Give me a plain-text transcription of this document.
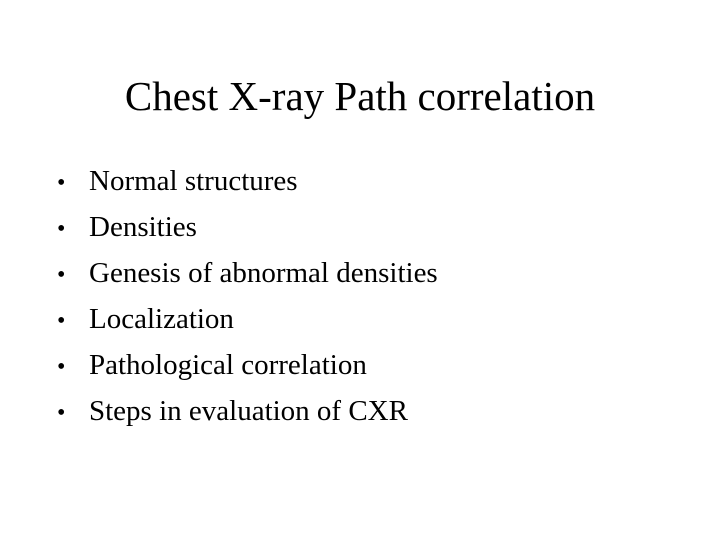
Chest X-ray Path correlation
• Normal structures
• Densities
• Genesis of abnormal densities
• Localization
• Pathological correlation
• Steps in evaluation of CXR
